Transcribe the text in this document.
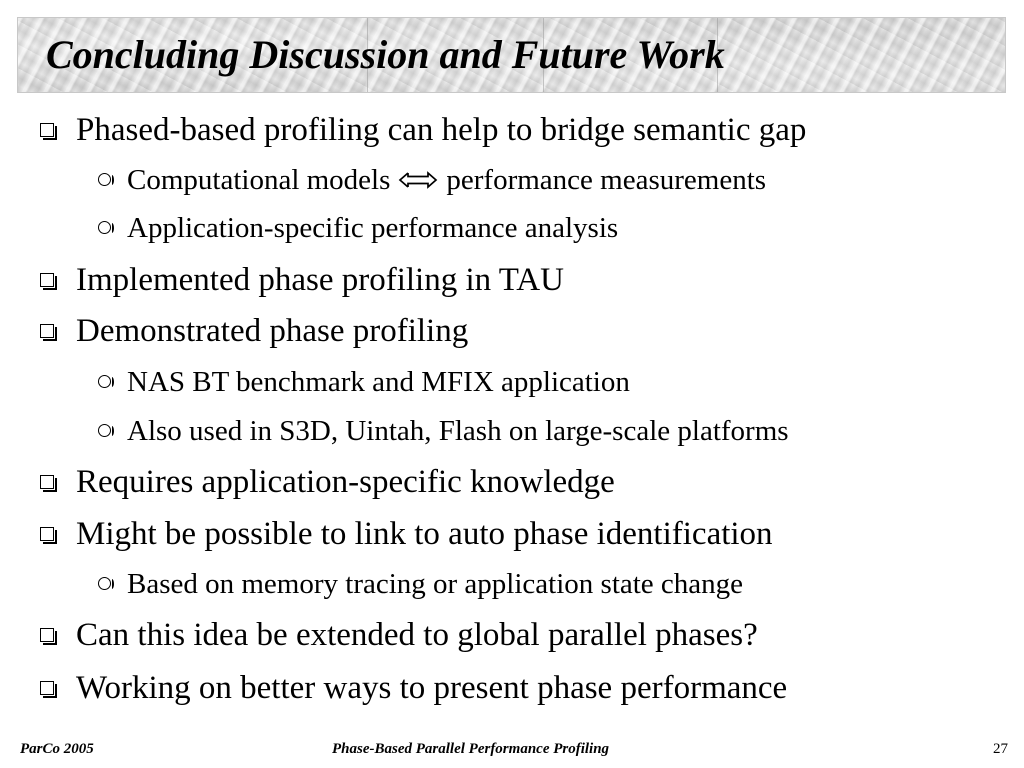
Concluding Discussion and Future Work
Phased-based profiling can help to bridge semantic gap
Computational models performance measurements
Application-specific performance analysis
Implemented phase profiling in TAU
Demonstrated phase profiling
NAS BT benchmark and MFIX application
Also used in S3D, Uintah, Flash on large-scale platforms
Requires application-specific knowledge
Might be possible to link to auto phase identification
Based on memory tracing or application state change
Can this idea be extended to global parallel phases?
Working on better ways to present phase performance
ParCo 2005	Phase-Based Parallel Performance Profiling	27
